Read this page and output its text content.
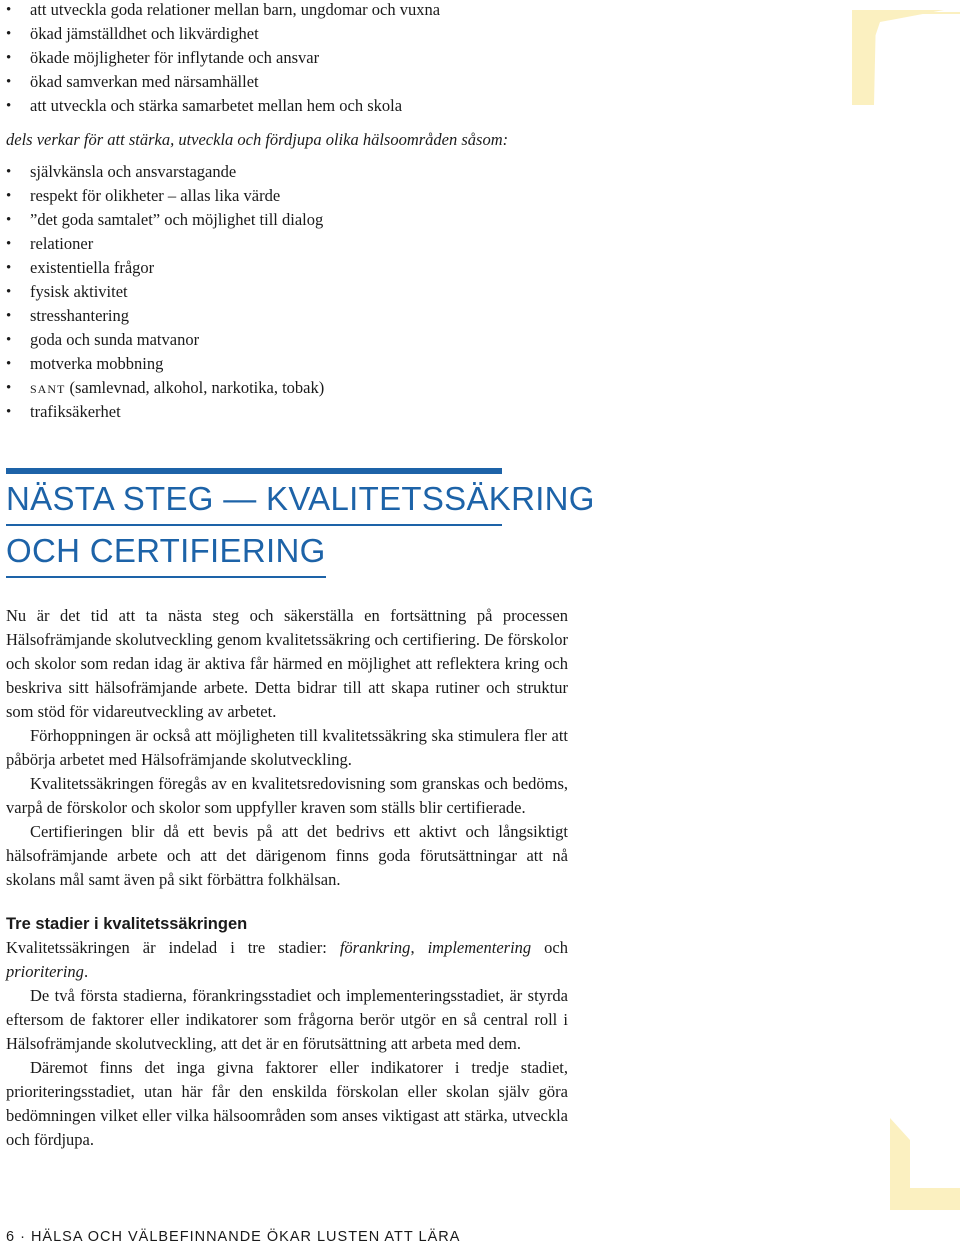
• att utveckla goda relationer mellan barn, ungdomar och vuxna
• ökad jämställdhet och likvärdighet
• ökade möjligheter för inflytande och ansvar
• ökad samverkan med närsamhället
• att utveckla och stärka samarbetet mellan hem och skola
dels verkar för att stärka, utveckla och fördjupa olika hälsoområden såsom:
• självkänsla och ansvarstagande
• respekt för olikheter – allas lika värde
• ”det goda samtalet” och möjlighet till dialog
• relationer
• existentiella frågor
• fysisk aktivitet
• stresshantering
• goda och sunda matvanor
• motverka mobbning
• sant (samlevnad, alkohol, narkotika, tobak)
• trafiksäkerhet
NÄSTA STEG — KVALITETSSÄKRING
OCH CERTIFIERING

Nu är det tid att ta nästa steg och säkerställa en fortsättning på processen Hälsofrämjande skolutveckling genom kvalitetssäkring och certifiering. De förskolor och skolor som redan idag är aktiva får härmed en möjlighet att reflektera kring och beskriva sitt hälsofrämjande arbete. Detta bidrar till att skapa rutiner och struktur som stöd för vidareutveckling av arbetet.

Förhoppningen är också att möjligheten till kvalitetssäkring ska stimulera fler att påbörja arbetet med Hälsofrämjande skolutveckling.

Kvalitetssäkringen föregås av en kvalitetsredovisning som granskas och bedöms, varpå de förskolor och skolor som uppfyller kraven som ställs blir certifierade.

Certifieringen blir då ett bevis på att det bedrivs ett aktivt och långsiktigt hälsofrämjande arbete och att det därigenom finns goda förutsättningar att nå skolans mål samt även på sikt förbättra folkhälsan.

Tre stadier i kvalitetssäkringen

Kvalitetssäkringen är indelad i tre stadier: förankring, implementering och prioritering.

De två första stadierna, förankringsstadiet och implementeringsstadiet, är styrda eftersom de faktorer eller indikatorer som frågorna berör utgör en så central roll i Hälsofrämjande skolutveckling, att det är en förutsättning att arbeta med dem.

Däremot finns det inga givna faktorer eller indikatorer i tredje stadiet, prioriteringsstadiet, utan här får den enskilda förskolan eller skolan själv göra bedömningen vilket eller vilka hälsoområden som anses viktigast att stärka, utveckla och fördjupa.

6 · HÄLSA OCH VÄLBEFINNANDE ÖKAR LUSTEN ATT LÄRA
